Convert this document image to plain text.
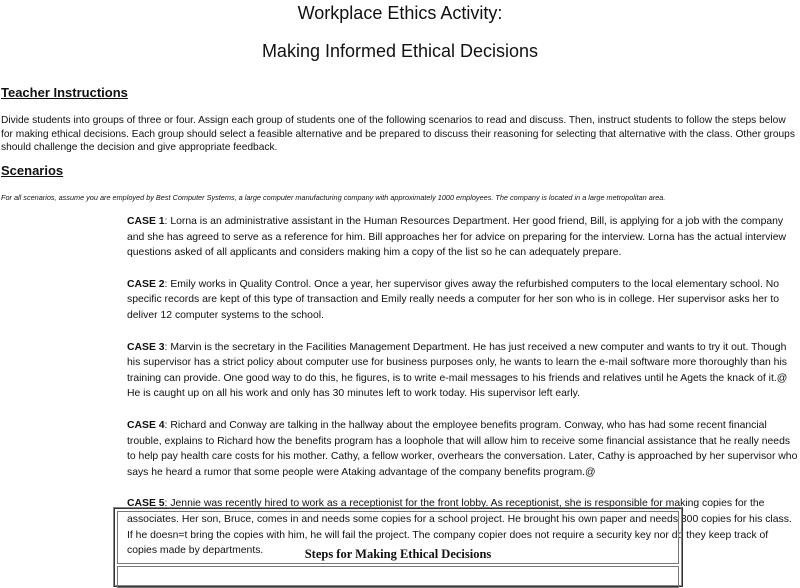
Workplace Ethics Activity:
Making Informed Ethical Decisions
Teacher Instructions
Divide students into groups of three or four. Assign each group of students one of the following scenarios to read and discuss. Then, instruct students to follow the steps below for making ethical decisions. Each group should select a feasible alternative and be prepared to discuss their reasoning for selecting that alternative with the class. Other groups should challenge the decision and give appropriate feedback.
Scenarios
For all scenarios, assume you are employed by Best Computer Systems, a large computer manufacturing company with approximately 1000 employees. The company is located in a large metropolitan area.

CASE 1: Lorna is an administrative assistant in the Human Resources Department. Her good friend, Bill, is applying for a job with the company and she has agreed to serve as a reference for him. Bill approaches her for advice on preparing for the interview. Lorna has the actual interview questions asked of all applicants and considers making him a copy of the list so he can adequately prepare.

CASE 2: Emily works in Quality Control. Once a year, her supervisor gives away the refurbished computers to the local elementary school. No specific records are kept of this type of transaction and Emily really needs a computer for her son who is in college. Her supervisor asks her to deliver 12 computer systems to the school.

CASE 3: Marvin is the secretary in the Facilities Management Department. He has just received a new computer and wants to try it out. Though his supervisor has a strict policy about computer use for business purposes only, he wants to learn the e-mail software more thoroughly than his training can provide. One good way to do this, he figures, is to write e-mail messages to his friends and relatives until he Agets the knack of it.@ He is caught up on all his work and only has 30 minutes left to work today. His supervisor left early.

CASE 4: Richard and Conway are talking in the hallway about the employee benefits program. Conway, who has had some recent financial trouble, explains to Richard how the benefits program has a loophole that will allow him to receive some financial assistance that he really needs to help pay health care costs for his mother. Cathy, a fellow worker, overhears the conversation. Later, Cathy is approached by her supervisor who says he heard a rumor that some people were Ataking advantage of the company benefits program.@

CASE 5: Jennie was recently hired to work as a receptionist for the front lobby. As receptionist, she is responsible for making copies for the associates. Her son, Bruce, comes in and needs some copies for a school project. He brought his own paper and needs 300 copies for his class. If he doesn=t bring the copies with him, he will fail the project. The company copier does not require a security key nor do they keep track of copies made by departments.	Steps for Making Ethical Decisions
